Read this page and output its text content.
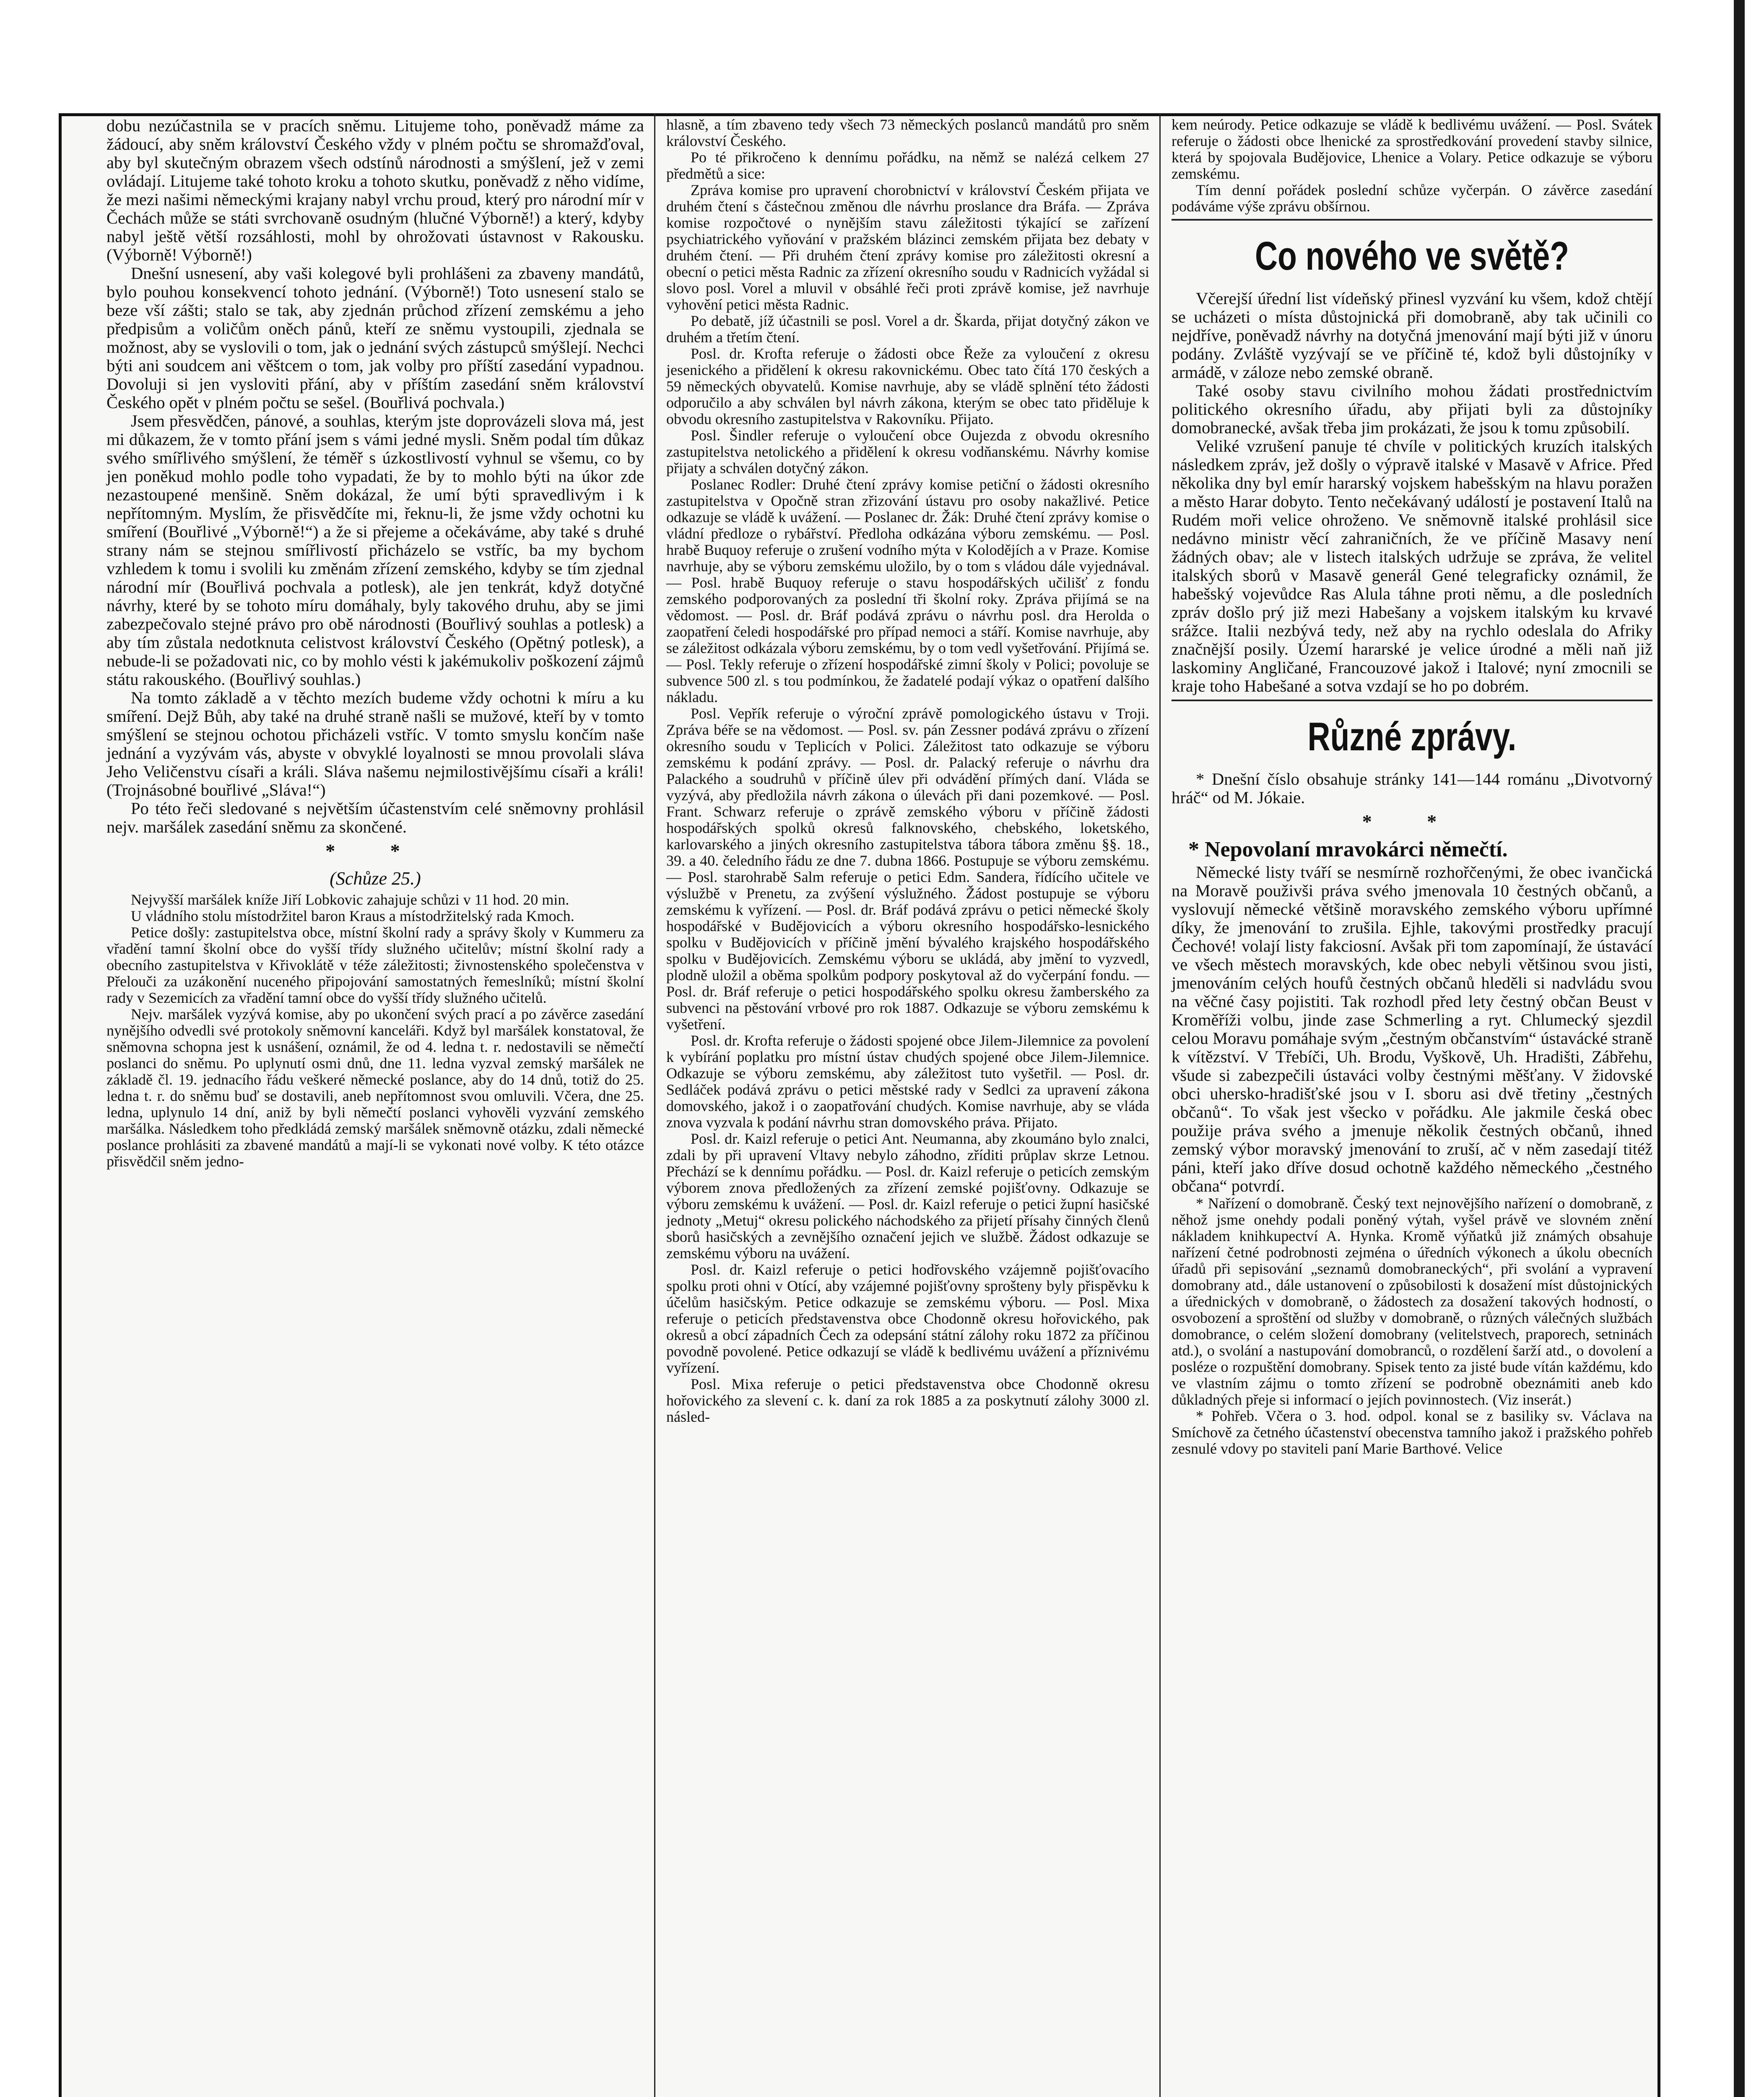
dobu nezúčastnila se v pracích sněmu. Litujeme toho, poněvadž máme za žádoucí, aby sněm království Českého vždy v plném počtu se shromažďoval, aby byl skutečným obrazem všech odstínů národnosti a smýšlení, jež v zemi ovládají. Litujeme také tohoto kroku a tohoto skutku, poněvadž z něho vidíme, že mezi našimi německými krajany nabyl vrchu proud, který pro národní mír v Čechách může se státi svrchovaně osudným (hlučné Výborně!) a který, kdyby nabyl ještě větší rozsáhlosti, mohl by ohrožovati ústavnost v Rakousku. (Výborně! Výborně!)

Dnešní usnesení, aby vaši kolegové byli prohlášeni za zbaveny mandátů, bylo pouhou konsekvencí tohoto jednání. (Výborně!) Toto usnesení stalo se beze vší zášti; stalo se tak, aby zjednán průchod zřízení zemskému a jeho předpisům a voličům oněch pánů, kteří ze sněmu vystoupili, zjednala se možnost, aby se vyslovili o tom, jak o jednání svých zástupců smýšlejí. Nechci býti ani soudcem ani věštcem o tom, jak volby pro příští zasedání vypadnou. Dovoluji si jen vysloviti přání, aby v příštím zasedání sněm království Českého opět v plném počtu se sešel. (Bouřlivá pochvala.)

Jsem přesvědčen, pánové, a souhlas, kterým jste doprovázeli slova má, jest mi důkazem, že v tomto přání jsem s vámi jedné mysli. Sněm podal tím důkaz svého smířlivého smýšlení, že téměř s úzkostlivostí vyhnul se všemu, co by jen poněkud mohlo podle toho vypadati, že by to mohlo býti na úkor zde nezastoupené menšině. Sněm dokázal, že umí býti spravedlivým i k nepřítomným. Myslím, že přisvědčíte mi, řeknu-li, že jsme vždy ochotni ku smíření (Bouřlivé „Výborně!“) a že si přejeme a očekáváme, aby také s druhé strany nám se stejnou smířlivostí přicházelo se vstříc, ba my bychom vzhledem k tomu i svolili ku změnám zřízení zemského, kdyby se tím zjednal národní mír (Bouřlivá pochvala a potlesk), ale jen tenkrát, když dotyčné návrhy, které by se tohoto míru domáhaly, byly takového druhu, aby se jimi zabezpečovalo stejné právo pro obě národnosti (Bouřlivý souhlas a potlesk) a aby tím zůstala nedotknuta celistvost království Českého (Opětný potlesk), a nebude-li se požadovati nic, co by mohlo vésti k jakémukoliv poškození zájmů státu rakouského. (Bouřlivý souhlas.)

Na tomto základě a v těchto mezích budeme vždy ochotni k míru a ku smíření. Dejž Bůh, aby také na druhé straně našli se mužové, kteří by v tomto smýšlení se stejnou ochotou přicházeli vstříc. V tomto smyslu končím naše jednání a vyzývám vás, abyste v obvyklé loyalnosti se mnou provolali sláva Jeho Veličenstvu císaři a králi. Sláva našemu nejmilostivějšímu císaři a králi! (Trojnásobné bouřlivé „Sláva!“)

Po této řeči sledované s největším účastenstvím celé sněmovny prohlásil nejv. maršálek zasedání sněmu za skončené.

* *
(Schůze 25.)

Nejvyšší maršálek kníže Jiří Lobkovic zahajuje schůzi v 11 hod. 20 min.

U vládního stolu místodržitel baron Kraus a místodržitelský rada Kmoch.

Petice došly: zastupitelstva obce, místní školní rady a správy školy v Kummeru za vřadění tamní školní obce do vyšší třídy služného učitelův; místní školní rady a obecního zastupitelstva v Křivoklátě v téže záležitosti; živnostenského společenstva v Přelouči za uzákonění nuceného připojování samostatných řemeslníků; místní školní rady v Sezemicích za vřadění tamní obce do vyšší třídy služného učitelů.

Nejv. maršálek vyzývá komise, aby po ukončení svých prací a po závěrce zasedání nynějšího odvedli své protokoly sněmovní kanceláři. Když byl maršálek konstatoval, že sněmovna schopna jest k usnášení, oznámil, že od 4. ledna t. r. nedostavili se němečtí poslanci do sněmu. Po uplynutí osmi dnů, dne 11. ledna vyzval zemský maršálek ne základě čl. 19. jednacího řádu veškeré německé poslance, aby do 14 dnů, totiž do 25. ledna t. r. do sněmu buď se dostavili, aneb nepřítomnost svou omluvili. Včera, dne 25. ledna, uplynulo 14 dní, aniž by byli němečtí poslanci vyhověli vyzvání zemského maršálka. Následkem toho předkládá zemský maršálek sněmovně otázku, zdali německé poslance prohlásiti za zbavené mandátů a mají-li se vykonati nové volby. K této otázce přisvědčil sněm jedno-

hlasně, a tím zbaveno tedy všech 73 německých poslanců mandátů pro sněm království Českého.

Po té přikročeno k dennímu pořádku, na němž se nalézá celkem 27 předmětů a sice:

Zpráva komise pro upravení chorobnictví v království Českém přijata ve druhém čtení s částečnou změnou dle návrhu proslance dra Bráfa. — Zpráva komise rozpočtové o nynějším stavu záležitosti týkající se zařízení psychiatrického vyňování v pražském blázinci zemském přijata bez debaty v druhém čtení. — Při druhém čtení zprávy komise pro záležitosti okresní a obecní o petici města Radnic za zřízení okresního soudu v Radnicích vyžádal si slovo posl. Vorel a mluvil v obsáhlé řeči proti zprávě komise, jež navrhuje vyhovění petici města Radnic.

Po debatě, jíž účastnili se posl. Vorel a dr. Škarda, přijat dotyčný zákon ve druhém a třetím čtení.

Posl. dr. Krofta referuje o žádosti obce Řeže za vyloučení z okresu jesenického a přidělení k okresu rakovnickému. Obec tato čítá 170 českých a 59 německých obyvatelů. Komise navrhuje, aby se vládě splnění této žádosti odporučilo a aby schválen byl návrh zákona, kterým se obec tato přiděluje k obvodu okresního zastupitelstva v Rakovníku. Přijato.

Posl. Šindler referuje o vyloučení obce Oujezda z obvodu okresního zastupitelstva netolického a přidělení k okresu vodňanskému. Návrhy komise přijaty a schválen dotyčný zákon.

Poslanec Rodler: Druhé čtení zprávy komise petiční o žádosti okresního zastupitelstva v Opočně stran zřizování ústavu pro osoby nakažlivé. Petice odkazuje se vládě k uvážení. — Poslanec dr. Žák: Druhé čtení zprávy komise o vládní předloze o rybářství. Předloha odkázána výboru zemskému. — Posl. hrabě Buquoy referuje o zrušení vodního mýta v Kolodějích a v Praze. Komise navrhuje, aby se výboru zemskému uložilo, by o tom s vládou dále vyjednával. — Posl. hrabě Buquoy referuje o stavu hospodářských učilišť z fondu zemského podporovaných za poslední tři školní roky. Zpráva přijímá se na vědomost. — Posl. dr. Bráf podává zprávu o návrhu posl. dra Herolda o zaopatření čeledi hospodářské pro případ nemoci a stáří. Komise navrhuje, aby se záležitost odkázala výboru zemskému, by o tom vedl vyšetřování. Přijímá se. — Posl. Tekly referuje o zřízení hospodářské zimní školy v Polici; povoluje se subvence 500 zl. s tou podmínkou, že žadatelé podají výkaz o opatření dalšího nákladu.

Posl. Vepřík referuje o výroční zprávě pomologického ústavu v Troji. Zpráva béře se na vědomost. — Posl. sv. pán Zessner podává zprávu o zřízení okresního soudu v Teplicích v Polici. Záležitost tato odkazuje se výboru zemskému k podání zprávy. — Posl. dr. Palacký referuje o návrhu dra Palackého a soudruhů v příčině úlev při odvádění přímých daní. Vláda se vyzývá, aby předložila návrh zákona o úlevách při dani pozemkové. — Posl. Frant. Schwarz referuje o zprávě zemského výboru v příčině žádosti hospodářských spolků okresů falknovského, chebského, loketského, karlovarského a jiných okresního zastupitelstva tábora tábora změnu §§. 18., 39. a 40. čeledního řádu ze dne 7. dubna 1866. Postupuje se výboru zemskému. — Posl. starohrabě Salm referuje o petici Edm. Sandera, řídícího učitele ve výslužbě v Prenetu, za zvýšení výslužného. Žádost postupuje se výboru zemskému k vyřízení. — Posl. dr. Bráf podává zprávu o petici německé školy hospodářské v Budějovicích a výboru okresního hospodářsko-lesnického spolku v Budějovicích v příčině jmění bývalého krajského hospodářského spolku v Budějovicích. Zemskému výboru se ukládá, aby jmění to vyzvedl, plodně uložil a oběma spolkům podpory poskytoval až do vyčerpání fondu. — Posl. dr. Bráf referuje o petici hospodářského spolku okresu žamberského za subvenci na pěstování vrbové pro rok 1887. Odkazuje se výboru zemskému k vyšetření.

Posl. dr. Krofta referuje o žádosti spojené obce Jilem-Jilemnice za povolení k vybírání poplatku pro místní ústav chudých spojené obce Jilem-Jilemnice. Odkazuje se výboru zemskému, aby záležitost tuto vyšetřil. — Posl. dr. Sedláček podává zprávu o petici městské rady v Sedlci za upravení zákona domovského, jakož i o zaopatřování chudých. Komise navrhuje, aby se vláda znova vyzvala k podání návrhu stran domovského práva. Přijato.

Posl. dr. Kaizl referuje o petici Ant. Neumanna, aby zkoumáno bylo znalci, zdali by při upravení Vltavy nebylo záhodno, zříditi průplav skrze Letnou. Přechází se k dennímu pořádku. — Posl. dr. Kaizl referuje o peticích zemským výborem znova předložených za zřízení zemské pojišťovny. Odkazuje se výboru zemskému k uvážení. — Posl. dr. Kaizl referuje o petici župní hasičské jednoty „Metuj“ okresu polického náchodského za přijetí přísahy činných členů sborů hasičských a zevnějšího označení jejich ve službě. Žádost odkazuje se zemskému výboru na uvážení.

Posl. dr. Kaizl referuje o petici hodřovského vzájemně pojišťovacího spolku proti ohni v Otící, aby vzájemné pojišťovny sprošteny byly přispěvku k účelům hasičským. Petice odkazuje se zemskému výboru. — Posl. Mixa referuje o peticích představenstva obce Chodonně okresu hořovického, pak okresů a obcí západních Čech za odepsání státní zálohy roku 1872 za příčinou povodně povolené. Petice odkazují se vládě k bedlivému uvážení a příznivému vyřízení.

Posl. Mixa referuje o petici představenstva obce Chodonně okresu hořovického za slevení c. k. daní za rok 1885 a za poskytnutí zálohy 3000 zl. násled-

kem neúrody. Petice odkazuje se vládě k bedlivému uvážení. — Posl. Svátek referuje o žádosti obce lhenické za sprostředkování provedení stavby silnice, která by spojovala Budějovice, Lhenice a Volary. Petice odkazuje se výboru zemskému.

Tím denní pořádek poslední schůze vyčerpán. O závěrce zasedání podáváme výše zprávu obšírnou.

Co nového ve světě?

Včerejší úřední list vídeňský přinesl vyzvání ku všem, kdož chtějí se ucházeti o místa důstojnická při domobraně, aby tak učinili co nejdříve, poněvadž návrhy na dotyčná jmenování mají býti již v únoru podány. Zvláště vyzývají se ve příčině té, kdož byli důstojníky v armádě, v záloze nebo zemské obraně.

Také osoby stavu civilního mohou žádati prostřednictvím politického okresního úřadu, aby přijati byli za důstojníky domobranecké, avšak třeba jim prokázati, že jsou k tomu způsobilí.

Veliké vzrušení panuje té chvíle v politických kruzích italských následkem zpráv, jež došly o výpravě italské v Masavě v Africe. Před několika dny byl emír hararský vojskem habešským na hlavu poražen a město Harar dobyto. Tento nečekávaný událostí je postavení Italů na Rudém moři velice ohroženo. Ve sněmovně italské prohlásil sice nedávno ministr věcí zahraničních, že ve příčině Masavy není žádných obav; ale v listech italských udržuje se zpráva, že velitel italských sborů v Masavě generál Gené telegraficky oznámil, že habešský vojevůdce Ras Alula táhne proti němu, a dle posledních zpráv došlo prý již mezi Habešany a vojskem italským ku krvavé srážce. Italii nezbývá tedy, než aby na rychlo odeslala do Afriky značnější posily. Území hararské je velice úrodné a měli naň již laskominy Angličané, Francouzové jakož i Italové; nyní zmocnili se kraje toho Habešané a sotva vzdají se ho po dobrém.

Různé zprávy.

* Dnešní číslo obsahuje stránky 141—144 románu „Divotvorný hráč“ od M. Jókaie.

* *
* Nepovolaní mravokárci němečtí.

Německé listy tváří se nesmírně rozhořčenými, že obec ivančická na Moravě použivši práva svého jmenovala 10 čestných občanů, a vyslovují německé většině moravského zemského výboru upřímné díky, že jmenování to zrušila. Ejhle, takovými prostředky pracují Čechové! volají listy fakciosní. Avšak při tom zapomínají, že ústavácí ve všech městech moravských, kde obec nebyli většinou svou jisti, jmenováním celých houfů čestných občanů hleděli si nadvládu svou na věčné časy pojistiti. Tak rozhodl před lety čestný občan Beust v Kroměříži volbu, jinde zase Schmerling a ryt. Chlumecký sjezdil celou Moravu pomáhaje svým „čestným občanstvím“ ústavácké straně k vítězství. V Třebíči, Uh. Brodu, Vyškově, Uh. Hradišti, Zábřehu, všude si zabezpečili ústaváci volby čestnými měšťany. V židovské obci uhersko-hradišťské jsou v I. sboru asi dvě třetiny „čestných občanů“. To však jest všecko v pořádku. Ale jakmile česká obec použije práva svého a jmenuje několik čestných občanů, ihned zemský výbor moravský jmenování to zruší, ač v něm zasedají titéž páni, kteří jako dříve dosud ochotně každého německého „čestného občana“ potvrdí.

* Nařízení o domobraně. Český text nejnovějšího nařízení o domobraně, z něhož jsme onehdy podali poněný výtah, vyšel právě ve slovném znění nákladem knihkupectví A. Hynka. Kromě výňatků již známých obsahuje nařízení četné podrobnosti zejména o úředních výkonech a úkolu obecních úřadů při sepisování „seznamů domobraneckých“, při svolání a vypravení domobrany atd., dále ustanovení o způsobilosti k dosažení míst důstojnických a úřednických v domobraně, o žádostech za dosažení takových hodností, o osvobození a sproštění od služby v domobraně, o různých válečných službách domobrance, o celém složení domobrany (velitelstvech, praporech, setninách atd.), o svolání a nastupování domobranců, o rozdělení šarží atd., o dovolení a posléze o rozpuštění domobrany. Spisek tento za jisté bude vítán každému, kdo ve vlastním zájmu o tomto zřízení se podrobně obeznámiti aneb kdo důkladných přeje si informací o jejích povinnostech. (Viz inserát.)

* Pohřeb. Včera o 3. hod. odpol. konal se z basiliky sv. Václava na Smíchově za četného účastenství obecenstva tamního jakož i pražského pohřeb zesnulé vdovy po staviteli paní Marie Barthové. Velice
